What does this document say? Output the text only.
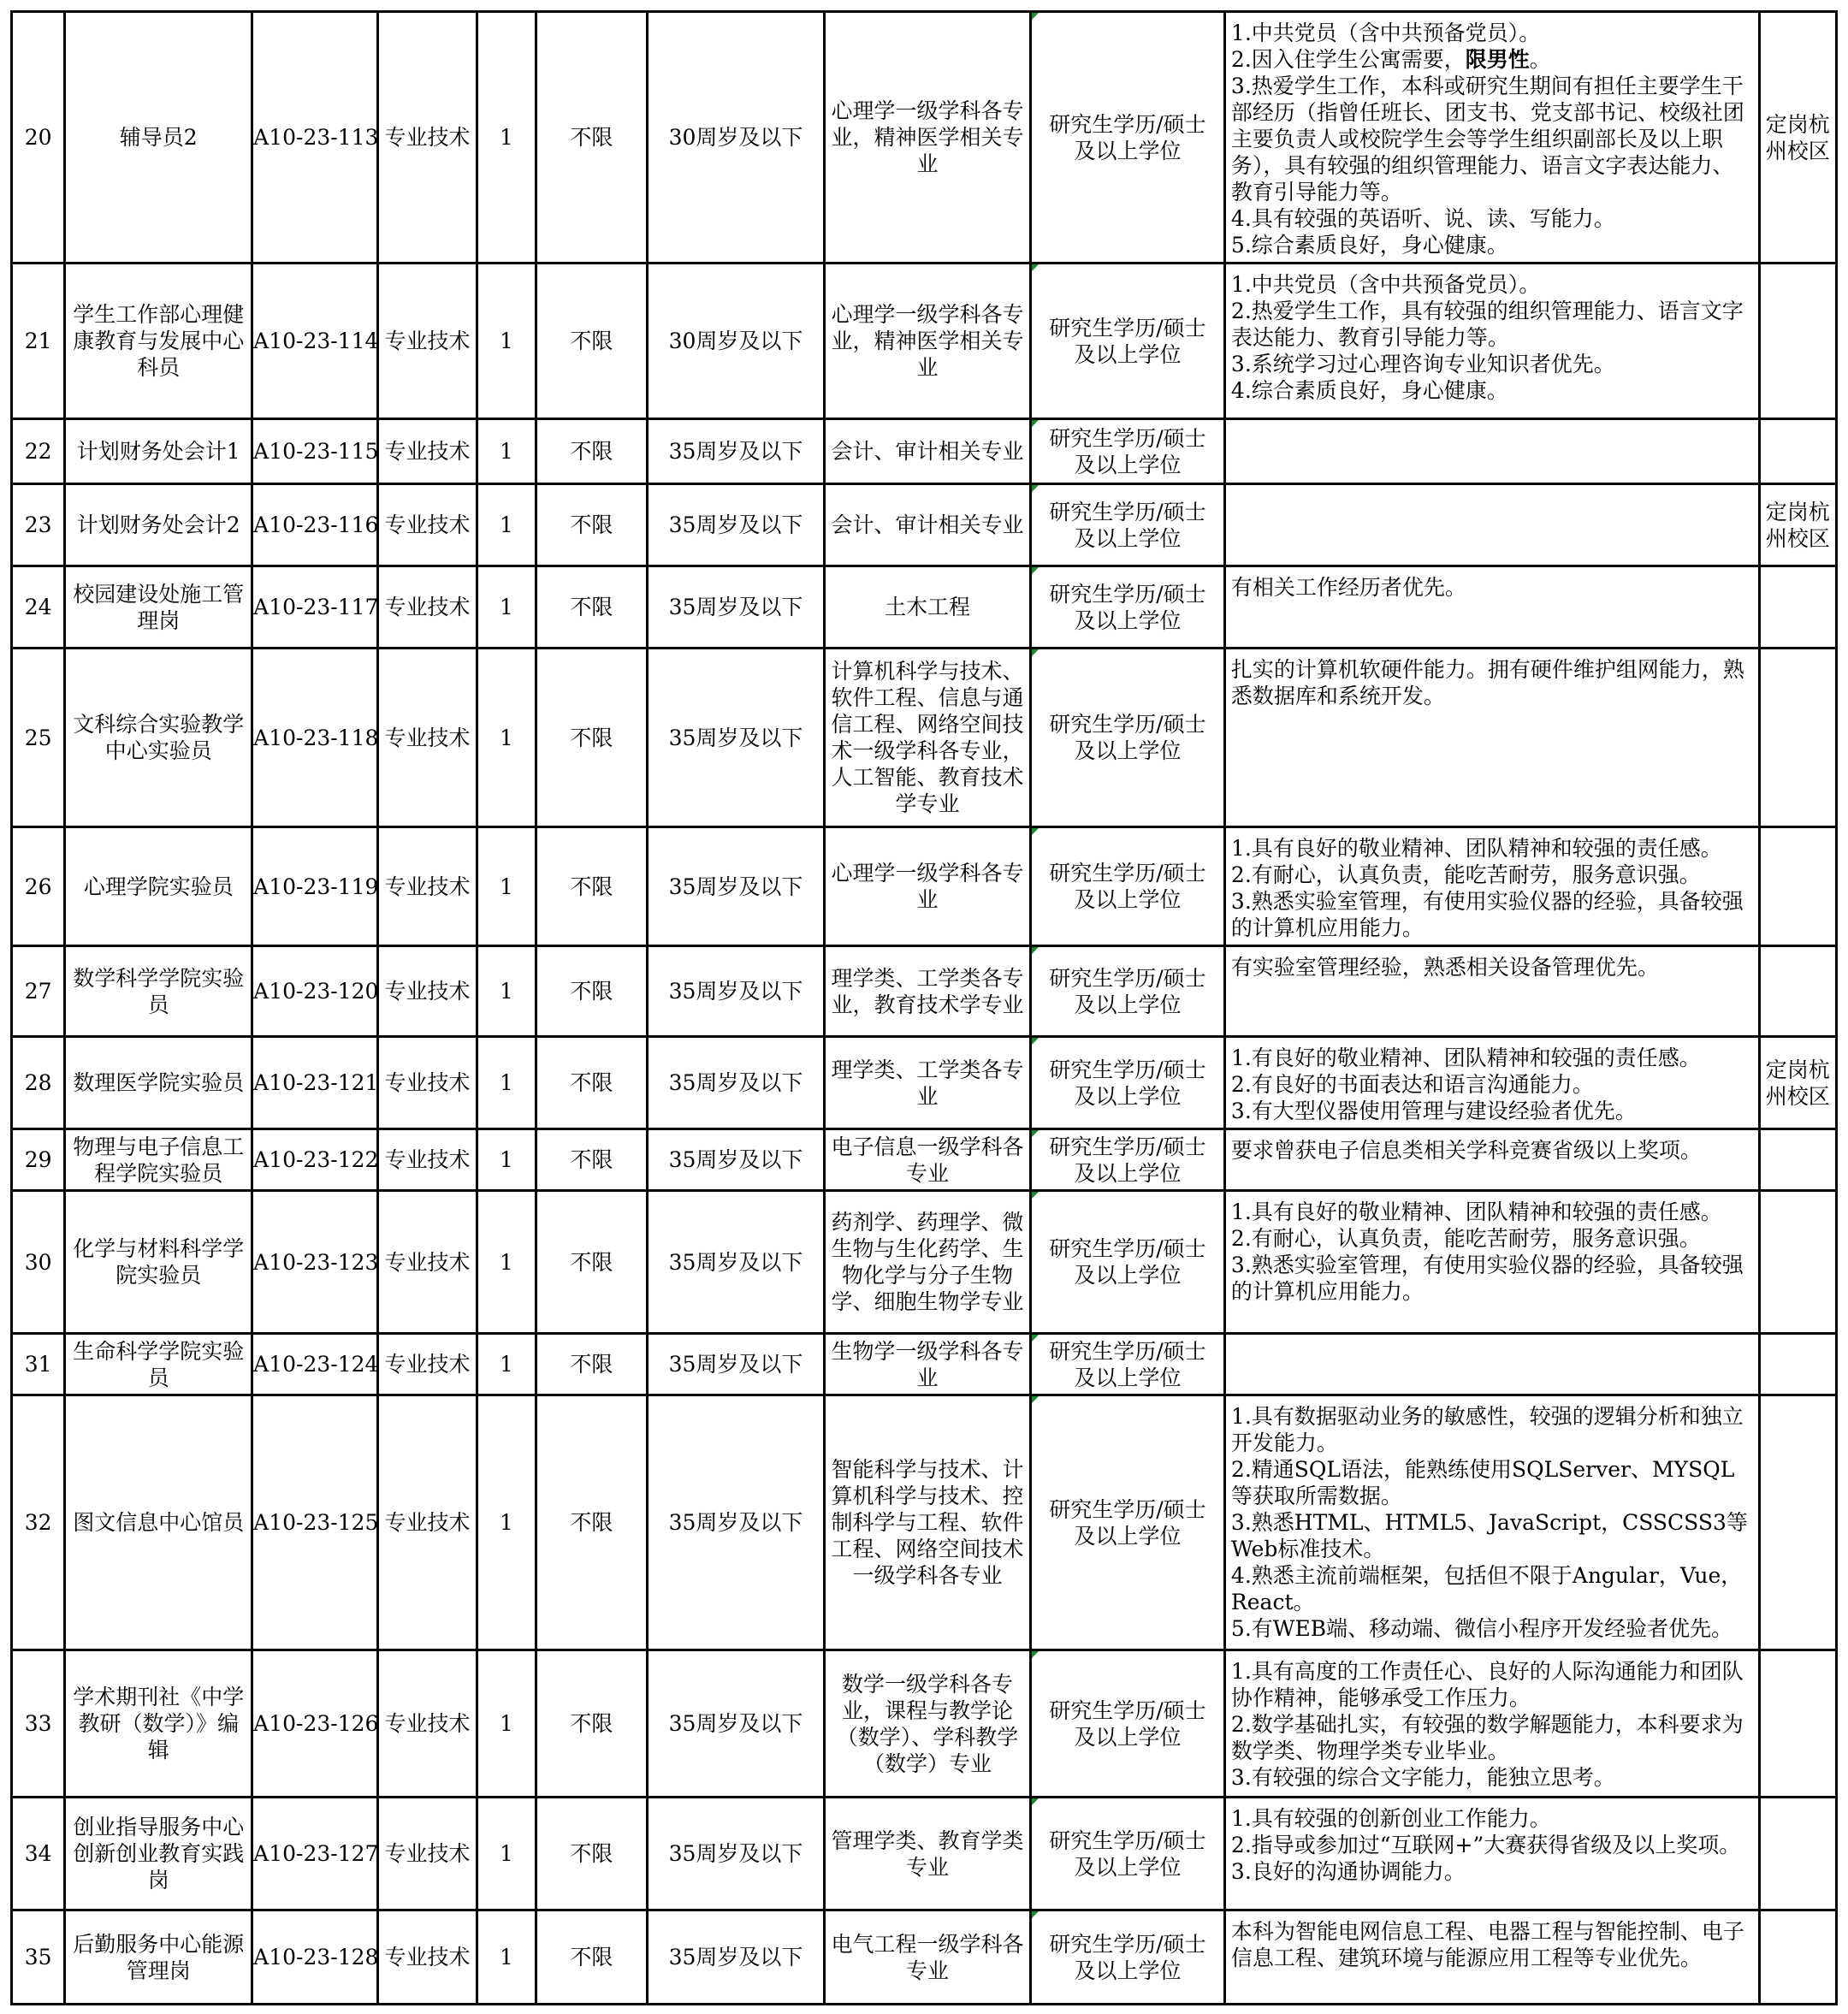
20	辅导员2	A10-23-113	专业技术	1	不限	30周岁及以下	心理学一级学科各专业，精神医学相关专业	研究生学历/硕士及以上学位	1.中共党员（含中共预备党员）。
2.因入住学生公寓需要，限男性。
3.热爱学生工作，本科或研究生期间有担任主要学生干部经历（指曾任班长、团支书、党支部书记、校级社团主要负责人或校院学生会等学生组织副部长及以上职务），具有较强的组织管理能力、语言文字表达能力、教育引导能力等。
4.具有较强的英语听、说、读、写能力。
5.综合素质良好，身心健康。	定岗杭州校区
21	学生工作部心理健康教育与发展中心科员	A10-23-114	专业技术	1	不限	30周岁及以下	心理学一级学科各专业，精神医学相关专业	研究生学历/硕士及以上学位	1.中共党员（含中共预备党员）。
2.热爱学生工作，具有较强的组织管理能力、语言文字表达能力、教育引导能力等。
3.系统学习过心理咨询专业知识者优先。
4.综合素质良好，身心健康。	
22	计划财务处会计1	A10-23-115	专业技术	1	不限	35周岁及以下	会计、审计相关专业	研究生学历/硕士及以上学位		
23	计划财务处会计2	A10-23-116	专业技术	1	不限	35周岁及以下	会计、审计相关专业	研究生学历/硕士及以上学位		定岗杭州校区
24	校园建设处施工管理岗	A10-23-117	专业技术	1	不限	35周岁及以下	土木工程	研究生学历/硕士及以上学位	有相关工作经历者优先。	
25	文科综合实验教学中心实验员	A10-23-118	专业技术	1	不限	35周岁及以下	计算机科学与技术、软件工程、信息与通信工程、网络空间技术一级学科各专业，人工智能、教育技术学专业	研究生学历/硕士及以上学位	扎实的计算机软硬件能力。拥有硬件维护组网能力，熟悉数据库和系统开发。	
26	心理学院实验员	A10-23-119	专业技术	1	不限	35周岁及以下	心理学一级学科各专业	研究生学历/硕士及以上学位	1.具有良好的敬业精神、团队精神和较强的责任感。
2.有耐心，认真负责，能吃苦耐劳，服务意识强。
3.熟悉实验室管理，有使用实验仪器的经验，具备较强的计算机应用能力。	
27	数学科学学院实验员	A10-23-120	专业技术	1	不限	35周岁及以下	理学类、工学类各专业，教育技术学专业	研究生学历/硕士及以上学位	有实验室管理经验，熟悉相关设备管理优先。	
28	数理医学院实验员	A10-23-121	专业技术	1	不限	35周岁及以下	理学类、工学类各专业	研究生学历/硕士及以上学位	1.有良好的敬业精神、团队精神和较强的责任感。
2.有良好的书面表达和语言沟通能力。
3.有大型仪器使用管理与建设经验者优先。	定岗杭州校区
29	物理与电子信息工程学院实验员	A10-23-122	专业技术	1	不限	35周岁及以下	电子信息一级学科各专业	研究生学历/硕士及以上学位	要求曾获电子信息类相关学科竞赛省级以上奖项。	
30	化学与材料科学学院实验员	A10-23-123	专业技术	1	不限	35周岁及以下	药剂学、药理学、微生物与生化药学、生物化学与分子生物学、细胞生物学专业	研究生学历/硕士及以上学位	1.具有良好的敬业精神、团队精神和较强的责任感。
2.有耐心，认真负责，能吃苦耐劳，服务意识强。
3.熟悉实验室管理，有使用实验仪器的经验，具备较强的计算机应用能力。	
31	生命科学学院实验员	A10-23-124	专业技术	1	不限	35周岁及以下	生物学一级学科各专业	研究生学历/硕士及以上学位		
32	图文信息中心馆员	A10-23-125	专业技术	1	不限	35周岁及以下	智能科学与技术、计算机科学与技术、控制科学与工程、软件工程、网络空间技术一级学科各专业	研究生学历/硕士及以上学位	1.具有数据驱动业务的敏感性，较强的逻辑分析和独立开发能力。
2.精通SQL语法，能熟练使用SQLServer、MYSQL等获取所需数据。
3.熟悉HTML、HTML5、JavaScript，CSSCSS3等Web标准技术。
4.熟悉主流前端框架，包括但不限于Angular，Vue，React。
5.有WEB端、移动端、微信小程序开发经验者优先。	
33	学术期刊社《中学教研（数学）》编辑	A10-23-126	专业技术	1	不限	35周岁及以下	数学一级学科各专业，课程与教学论（数学）、学科教学（数学）专业	研究生学历/硕士及以上学位	1.具有高度的工作责任心、良好的人际沟通能力和团队协作精神，能够承受工作压力。
2.数学基础扎实，有较强的数学解题能力，本科要求为数学类、物理学类专业毕业。
3.有较强的综合文字能力，能独立思考。	
34	创业指导服务中心创新创业教育实践岗	A10-23-127	专业技术	1	不限	35周岁及以下	管理学类、教育学类专业	研究生学历/硕士及以上学位	1.具有较强的创新创业工作能力。
2.指导或参加过“互联网+”大赛获得省级及以上奖项。
3.良好的沟通协调能力。	
35	后勤服务中心能源管理岗	A10-23-128	专业技术	1	不限	35周岁及以下	电气工程一级学科各专业	研究生学历/硕士及以上学位	本科为智能电网信息工程、电器工程与智能控制、电子信息工程、建筑环境与能源应用工程等专业优先。	
